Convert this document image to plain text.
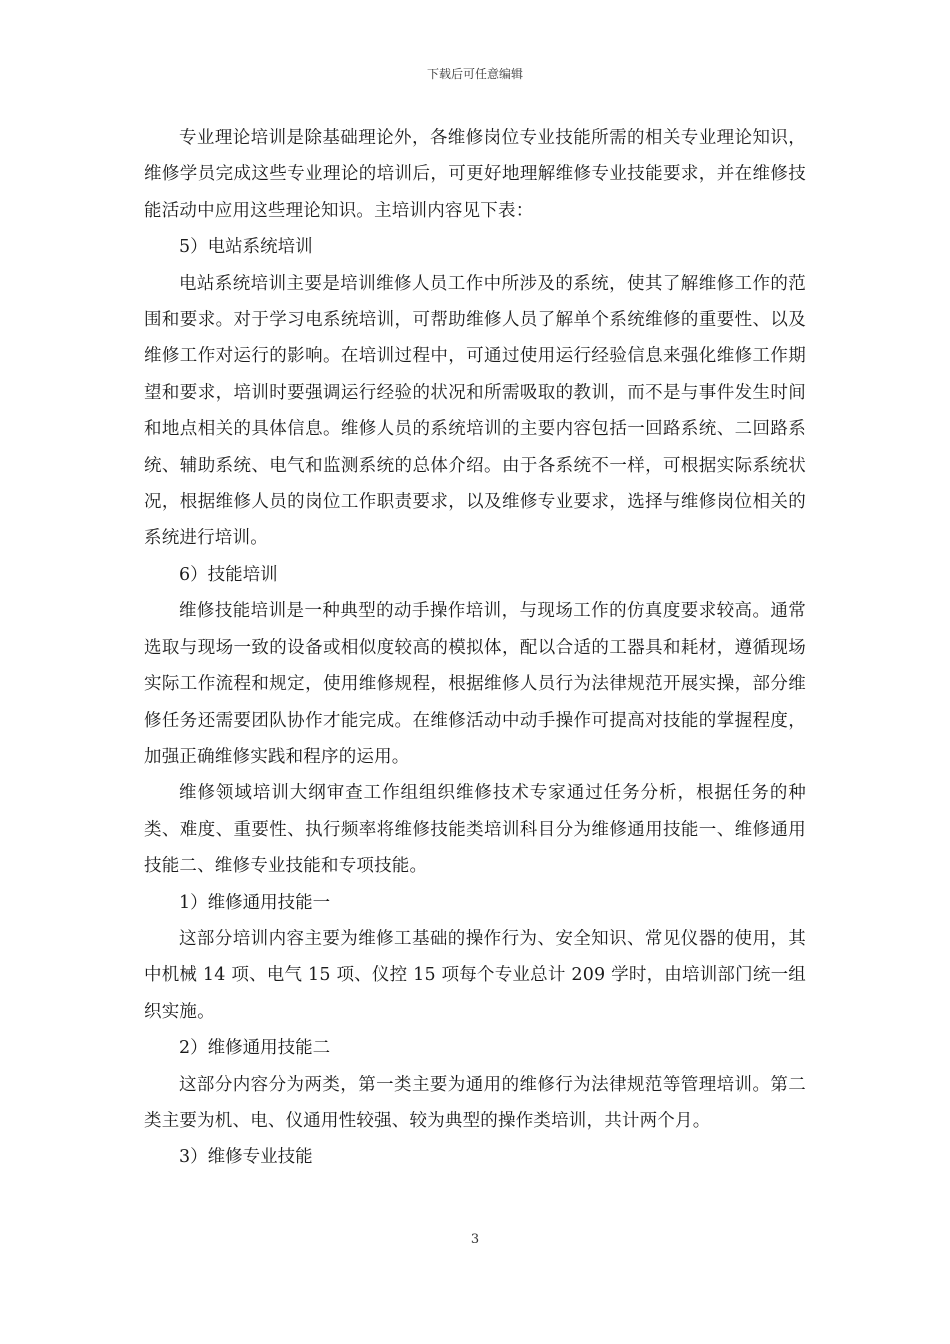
下载后可任意编辑

专业理论培训是除基础理论外，各维修岗位专业技能所需的相关专业理论知识，维修学员完成这些专业理论的培训后，可更好地理解维修专业技能要求，并在维修技能活动中应用这些理论知识。主培训内容见下表：

5）电站系统培训

电站系统培训主要是培训维修人员工作中所涉及的系统，使其了解维修工作的范围和要求。对于学习电系统培训，可帮助维修人员了解单个系统维修的重要性、以及维修工作对运行的影响。在培训过程中，可通过使用运行经验信息来强化维修工作期望和要求，培训时要强调运行经验的状况和所需吸取的教训，而不是与事件发生时间和地点相关的具体信息。维修人员的系统培训的主要内容包括一回路系统、二回路系统、辅助系统、电气和监测系统的总体介绍。由于各系统不一样，可根据实际系统状况，根据维修人员的岗位工作职责要求，以及维修专业要求，选择与维修岗位相关的系统进行培训。

6）技能培训

维修技能培训是一种典型的动手操作培训，与现场工作的仿真度要求较高。通常选取与现场一致的设备或相似度较高的模拟体，配以合适的工器具和耗材，遵循现场实际工作流程和规定，使用维修规程，根据维修人员行为法律规范开展实操，部分维修任务还需要团队协作才能完成。在维修活动中动手操作可提高对技能的掌握程度，加强正确维修实践和程序的运用。

维修领域培训大纲审查工作组组织维修技术专家通过任务分析，根据任务的种类、难度、重要性、执行频率将维修技能类培训科目分为维修通用技能一、维修通用技能二、维修专业技能和专项技能。

1）维修通用技能一

这部分培训内容主要为维修工基础的操作行为、安全知识、常见仪器的使用，其中机械 14 项、电气 15 项、仪控 15 项每个专业总计 209 学时，由培训部门统一组织实施。

2）维修通用技能二

这部分内容分为两类，第一类主要为通用的维修行为法律规范等管理培训。第二类主要为机、电、仪通用性较强、较为典型的操作类培训，共计两个月。

3）维修专业技能

3
